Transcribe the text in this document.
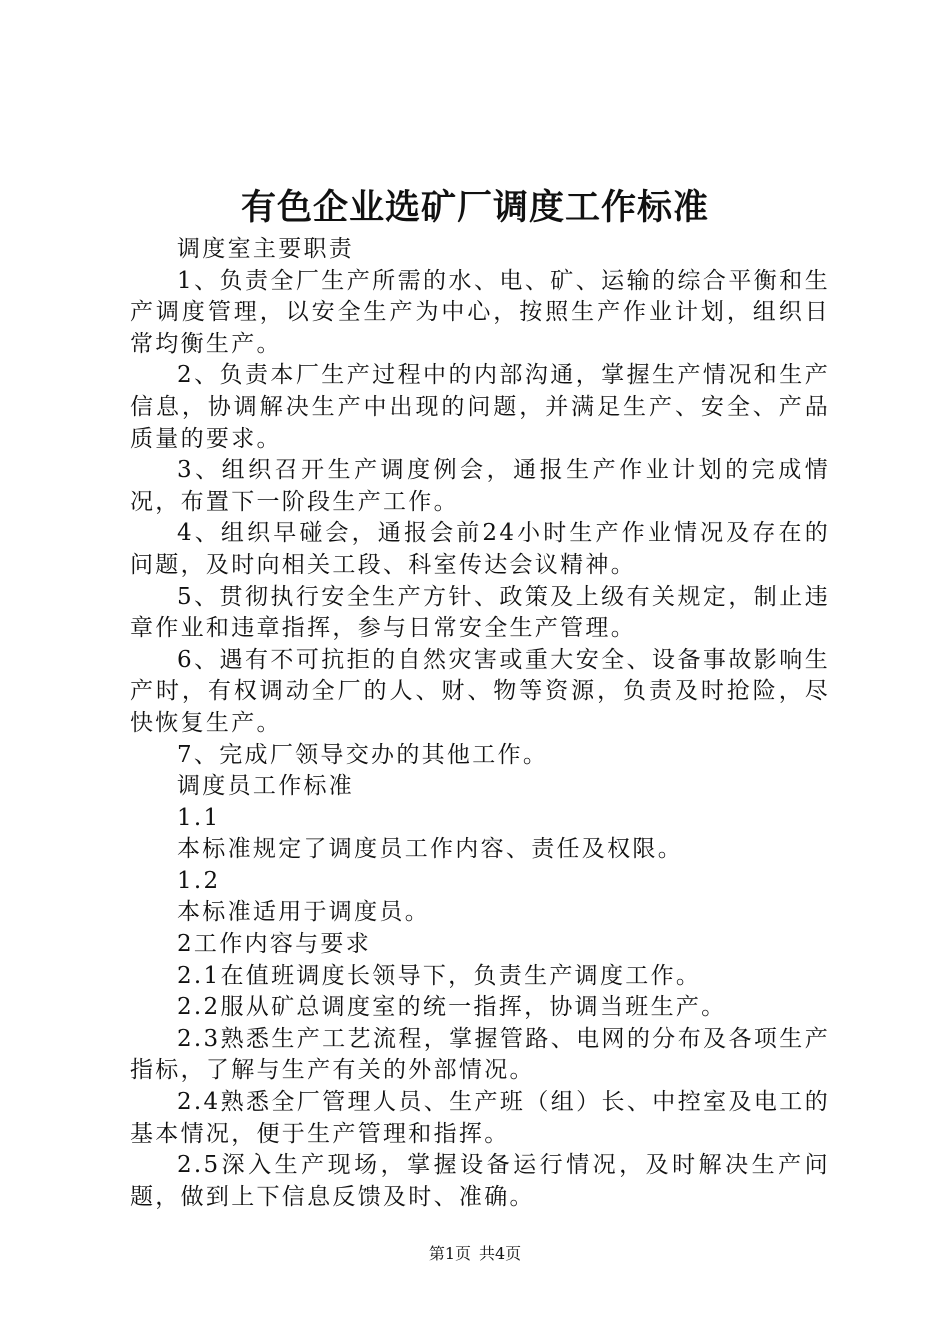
有色企业选矿厂调度工作标准

调度室主要职责

1、负责全厂生产所需的水、电、矿、运输的综合平衡和生产调度管理，以安全生产为中心，按照生产作业计划，组织日常均衡生产。

2、负责本厂生产过程中的内部沟通，掌握生产情况和生产信息，协调解决生产中出现的问题，并满足生产、安全、产品质量的要求。

3、组织召开生产调度例会，通报生产作业计划的完成情况，布置下一阶段生产工作。

4、组织早碰会，通报会前24小时生产作业情况及存在的问题，及时向相关工段、科室传达会议精神。

5、贯彻执行安全生产方针、政策及上级有关规定，制止违章作业和违章指挥，参与日常安全生产管理。

6、遇有不可抗拒的自然灾害或重大安全、设备事故影响生产时，有权调动全厂的人、财、物等资源，负责及时抢险，尽快恢复生产。

7、完成厂领导交办的其他工作。

调度员工作标准

1.1

本标准规定了调度员工作内容、责任及权限。

1.2

本标准适用于调度员。

2工作内容与要求

2.1在值班调度长领导下，负责生产调度工作。

2.2服从矿总调度室的统一指挥，协调当班生产。

2.3熟悉生产工艺流程，掌握管路、电网的分布及各项生产指标，了解与生产有关的外部情况。

2.4熟悉全厂管理人员、生产班（组）长、中控室及电工的基本情况，便于生产管理和指挥。

2.5深入生产现场，掌握设备运行情况，及时解决生产问题，做到上下信息反馈及时、准确。

第1页 共4页
